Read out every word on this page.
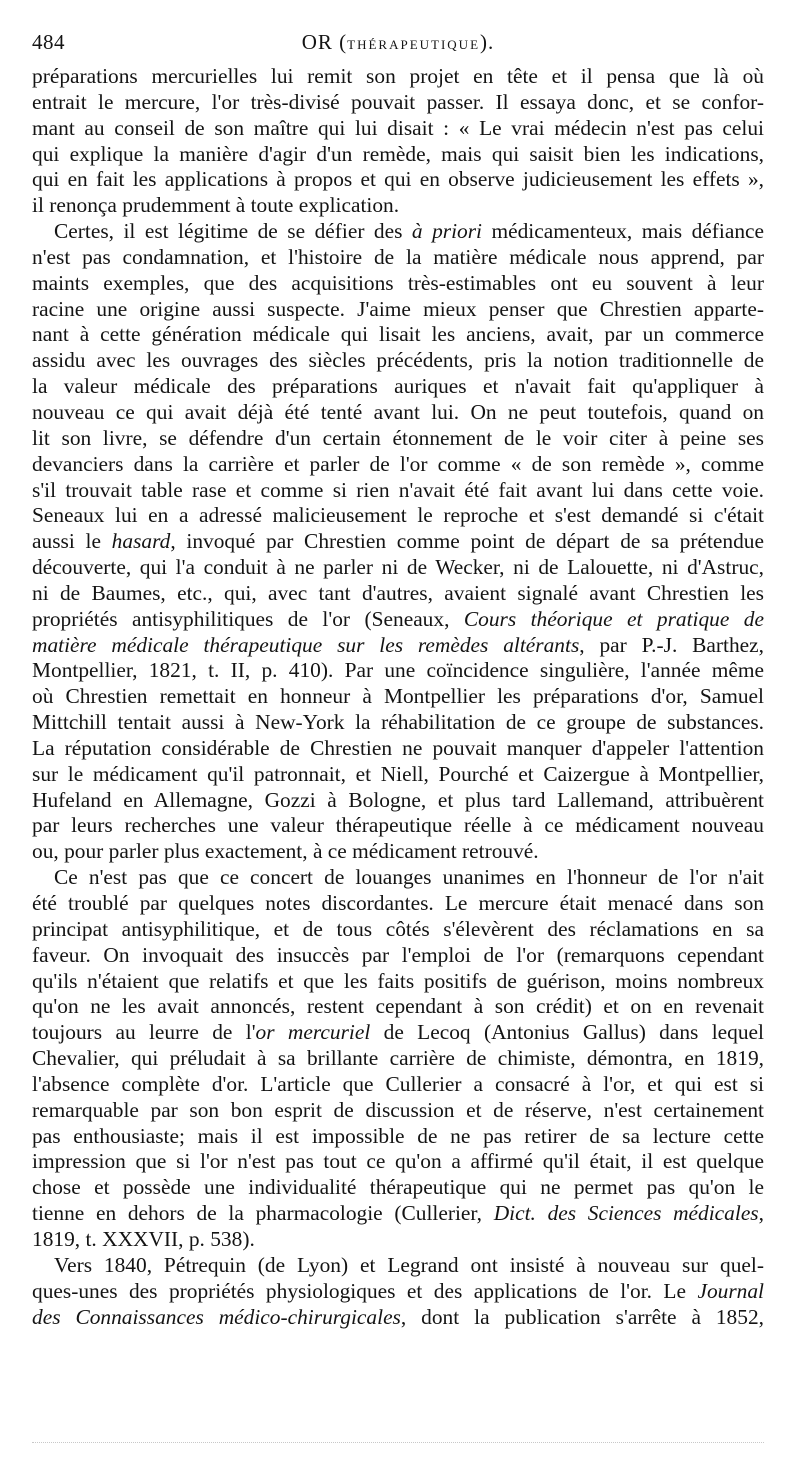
484	OR (THÉRAPEUTIQUE).

préparations mercurielles lui remit son projet en tête et il pensa que là où
entrait le mercure, l'or très-divisé pouvait passer. Il essaya donc, et se confor-
mant au conseil de son maître qui lui disait : « Le vrai médecin n'est pas celui
qui explique la manière d'agir d'un remède, mais qui saisit bien les indications,
qui en fait les applications à propos et qui en observe judicieusement les effets »,
il renonça prudemment à toute explication.

Certes, il est légitime de se défier des à priori médicamenteux, mais défiance
n'est pas condamnation, et l'histoire de la matière médicale nous apprend, par
maints exemples, que des acquisitions très-estimables ont eu souvent à leur
racine une origine aussi suspecte. J'aime mieux penser que Chrestien apparte-
nant à cette génération médicale qui lisait les anciens, avait, par un commerce
assidu avec les ouvrages des siècles précédents, pris la notion traditionnelle de
la valeur médicale des préparations auriques et n'avait fait qu'appliquer à
nouveau ce qui avait déjà été tenté avant lui. On ne peut toutefois, quand on
lit son livre, se défendre d'un certain étonnement de le voir citer à peine ses
devanciers dans la carrière et parler de l'or comme « de son remède », comme
s'il trouvait table rase et comme si rien n'avait été fait avant lui dans cette voie.
Seneaux lui en a adressé malicieusement le reproche et s'est demandé si c'était
aussi le hasard, invoqué par Chrestien comme point de départ de sa prétendue
découverte, qui l'a conduit à ne parler ni de Wecker, ni de Lalouette, ni d'Astruc,
ni de Baumes, etc., qui, avec tant d'autres, avaient signalé avant Chrestien les
propriétés antisyphilitiques de l'or (Seneaux, Cours théorique et pratique de
matière médicale thérapeutique sur les remèdes altérants, par P.-J. Barthez,
Montpellier, 1821, t. II, p. 410). Par une coïncidence singulière, l'année même
où Chrestien remettait en honneur à Montpellier les préparations d'or, Samuel
Mittchill tentait aussi à New-York la réhabilitation de ce groupe de substances.
La réputation considérable de Chrestien ne pouvait manquer d'appeler l'attention
sur le médicament qu'il patronnait, et Niell, Pourché et Caizergue à Montpellier,
Hufeland en Allemagne, Gozzi à Bologne, et plus tard Lallemand, attribuèrent
par leurs recherches une valeur thérapeutique réelle à ce médicament nouveau
ou, pour parler plus exactement, à ce médicament retrouvé.

Ce n'est pas que ce concert de louanges unanimes en l'honneur de l'or n'ait
été troublé par quelques notes discordantes. Le mercure était menacé dans son
principat antisyphilitique, et de tous côtés s'élevèrent des réclamations en sa
faveur. On invoquait des insuccès par l'emploi de l'or (remarquons cependant
qu'ils n'étaient que relatifs et que les faits positifs de guérison, moins nombreux
qu'on ne les avait annoncés, restent cependant à son crédit) et on en revenait
toujours au leurre de l'or mercuriel de Lecoq (Antonius Gallus) dans lequel
Chevalier, qui préludait à sa brillante carrière de chimiste, démontra, en 1819,
l'absence complète d'or. L'article que Cullerier a consacré à l'or, et qui est si
remarquable par son bon esprit de discussion et de réserve, n'est certainement
pas enthousiaste; mais il est impossible de ne pas retirer de sa lecture cette
impression que si l'or n'est pas tout ce qu'on a affirmé qu'il était, il est quelque
chose et possède une individualité thérapeutique qui ne permet pas qu'on le
tienne en dehors de la pharmacologie (Cullerier, Dict. des Sciences médicales,
1819, t. XXXVII, p. 538).

Vers 1840, Pétrequin (de Lyon) et Legrand ont insisté à nouveau sur quel-
ques-unes des propriétés physiologiques et des applications de l'or. Le Journal
des Connaissances médico-chirurgicales, dont la publication s'arrête à 1852,
